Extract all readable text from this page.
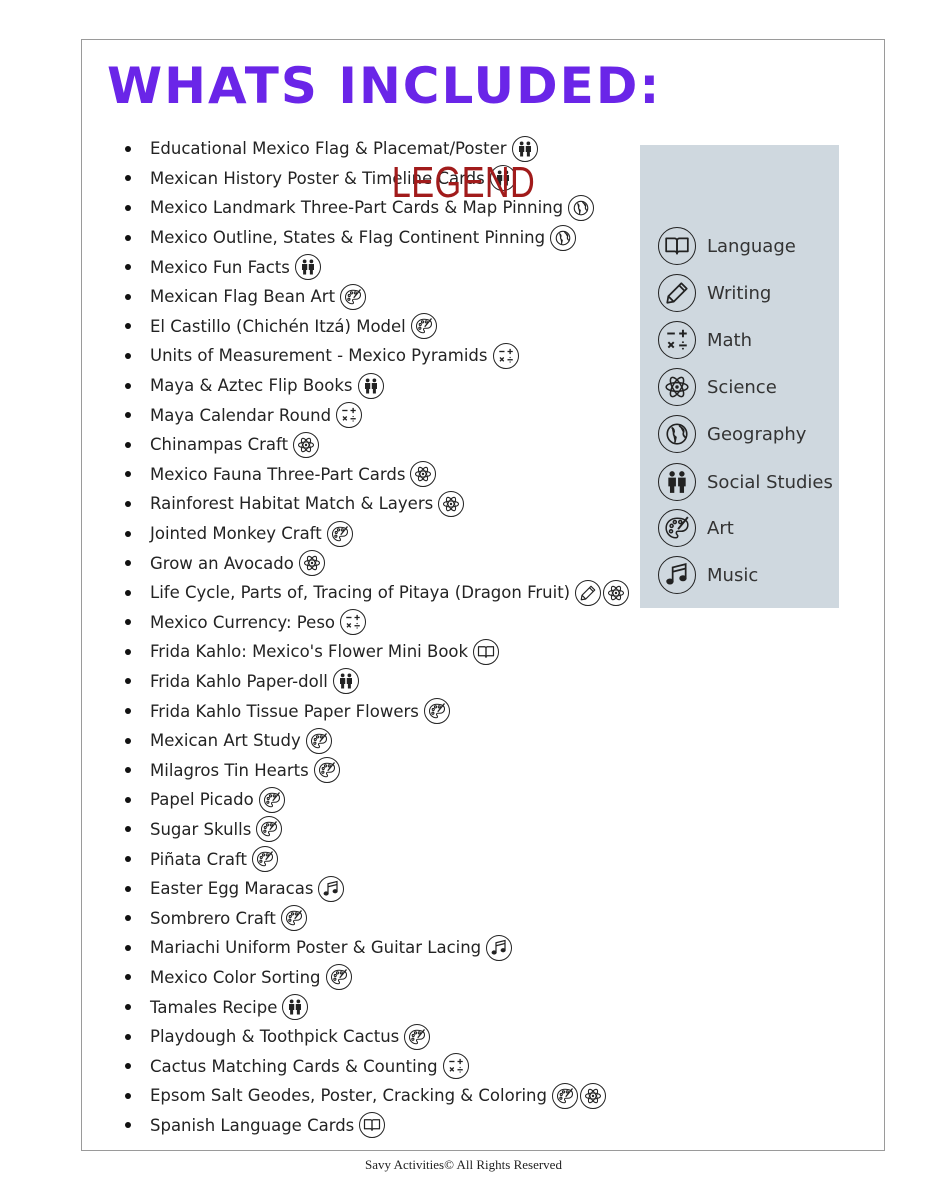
WHATS INCLUDED:
Educational Mexico Flag & Placemat/Poster
Mexican History Poster & Timeline Cards
Mexico Landmark Three-Part Cards & Map Pinning
Mexico Outline, States & Flag Continent Pinning
Mexico Fun Facts
Mexican Flag Bean Art
El Castillo (Chichén Itzá) Model
Units of Measurement - Mexico Pyramids
Maya & Aztec Flip Books
Maya Calendar Round
Chinampas Craft
Mexico Fauna Three-Part Cards
Rainforest Habitat Match & Layers
Jointed Monkey Craft
Grow an Avocado
Life Cycle, Parts of, Tracing of Pitaya (Dragon Fruit)
Mexico Currency: Peso
Frida Kahlo: Mexico's Flower Mini Book
Frida Kahlo Paper-doll
Frida Kahlo Tissue Paper Flowers
Mexican Art Study
Milagros Tin Hearts
Papel Picado
Sugar Skulls
Piñata Craft
Easter Egg Maracas
Sombrero Craft
Mariachi Uniform Poster & Guitar Lacing
Mexico Color Sorting
Tamales Recipe
Playdough & Toothpick Cactus
Cactus Matching Cards & Counting
Epsom Salt Geodes, Poster, Cracking & Coloring
Spanish Language Cards
LEGEND
Language
Writing
Math
Science
Geography
Social Studies
Art
Music
Savy Activities© All Rights Reserved
